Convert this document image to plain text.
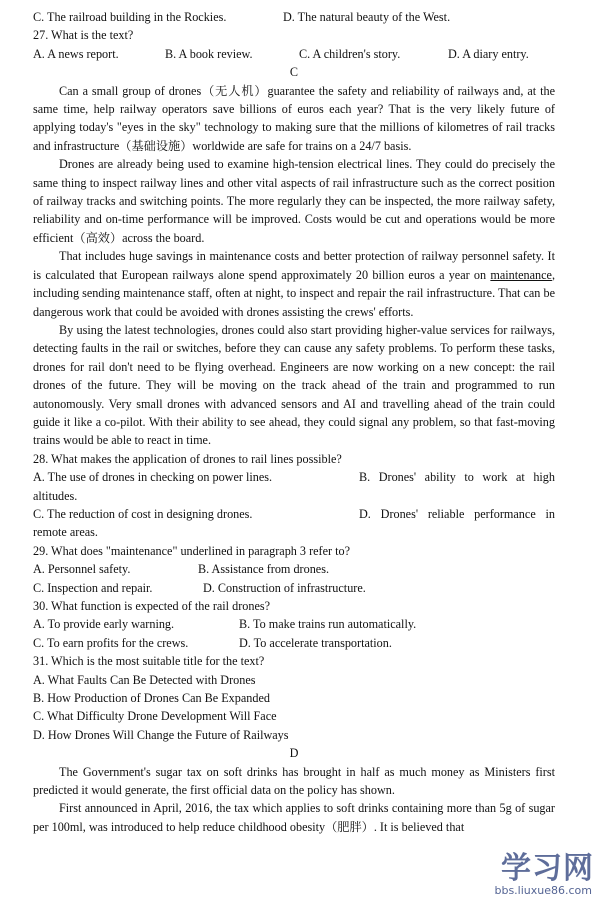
C. The railroad building in the Rockies.	D. The natural beauty of the West.

27. What is the text?

A. A news report.	B. A book review.	C. A children's story.	D. A diary entry.

C

Can a small group of drones（无人机）guarantee the safety and reliability of railways and, at the same time, help railway operators save billions of euros each year? That is the very likely future of applying today's "eyes in the sky" technology to making sure that the millions of kilometres of rail tracks and infrastructure（基础设施）worldwide are safe for trains on a 24/7 basis.

Drones are already being used to examine high-tension electrical lines. They could do precisely the same thing to inspect railway lines and other vital aspects of rail infrastructure such as the correct position of railway tracks and switching points. The more regularly they can be inspected, the more railway safety, reliability and on-time performance will be improved. Costs would be cut and operations would be more efficient（高效）across the board.

That includes huge savings in maintenance costs and better protection of railway personnel safety. It is calculated that European railways alone spend approximately 20 billion euros a year on maintenance, including sending maintenance staff, often at night, to inspect and repair the rail infrastructure. That can be dangerous work that could be avoided with drones assisting the crews' efforts.

By using the latest technologies, drones could also start providing higher-value services for railways, detecting faults in the rail or switches, before they can cause any safety problems. To perform these tasks, drones for rail don't need to be flying overhead. Engineers are now working on a new concept: the rail drones of the future. They will be moving on the track ahead of the train and programmed to run autonomously. Very small drones with advanced sensors and AI and travelling ahead of the train could guide it like a co-pilot. With their ability to see ahead, they could signal any problem, so that fast-moving trains would be able to react in time.

28. What makes the application of drones to rail lines possible?

A. The use of drones in checking on power lines.	B. Drones' ability to work at high

altitudes.

C. The reduction of cost in designing drones.	D. Drones' reliable performance in

remote areas.

29. What does "maintenance" underlined in paragraph 3 refer to?

A. Personnel safety.	B. Assistance from drones.
C. Inspection and repair.	D. Construction of infrastructure.

30. What function is expected of the rail drones?

A. To provide early warning.	B. To make trains run automatically.
C. To earn profits for the crews.	D. To accelerate transportation.

31. Which is the most suitable title for the text?

A. What Faults Can Be Detected with Drones

B. How Production of Drones Can Be Expanded

C. What Difficulty Drone Development Will Face

D. How Drones Will Change the Future of Railways

D

The Government's sugar tax on soft drinks has brought in half as much money as Ministers first predicted it would generate, the first official data on the policy has shown.

First announced in April, 2016, the tax which applies to soft drinks containing more than 5g of sugar per 100ml, was introduced to help reduce childhood obesity（肥胖）. It is believed that

学习网
bbs.liuxue86.com
